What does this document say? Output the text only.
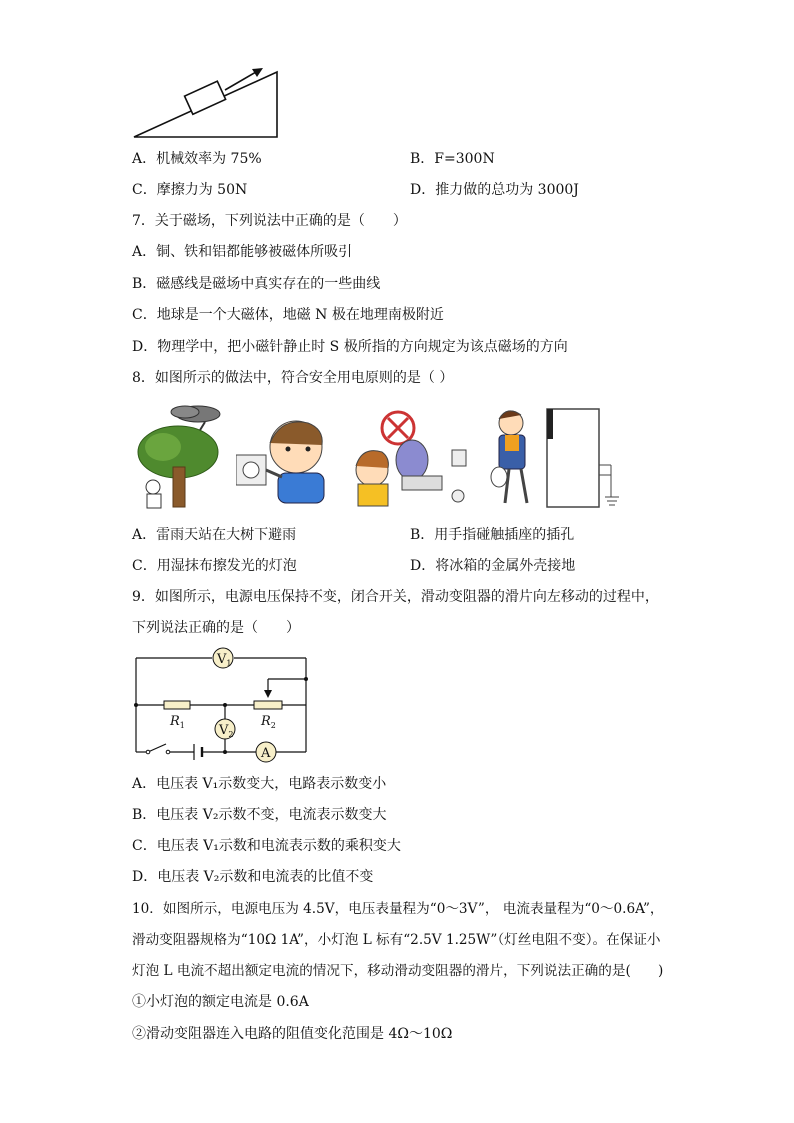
A．机械效率为 75%	B．F=300N
C．摩擦力为 50N	D．推力做的总功为 3000J
7．关于磁场，下列说法中正确的是（　　）
A．铜、铁和铝都能够被磁体所吸引
B．磁感线是磁场中真实存在的一些曲线
C．地球是一个大磁体，地磁 N 极在地理南极附近
D．物理学中，把小磁针静止时 S 极所指的方向规定为该点磁场的方向
8．如图所示的做法中，符合安全用电原则的是（ ）
A．雷雨天站在大树下避雨	B．用手指碰触插座的插孔
C．用湿抹布擦发光的灯泡	D．将冰箱的金属外壳接地
9．如图所示，电源电压保持不变，闭合开关，滑动变阻器的滑片向左移动的过程中，
下列说法正确的是（　　）
$V_1$
$V_2$
A
$R_1$	$R_2$
A．电压表 V₁示数变大，电路表示数变小
B．电压表 V₂示数不变，电流表示数变大
C．电压表 V₁示数和电流表示数的乘积变大
D．电压表 V₂示数和电流表的比值不变
10．如图所示，电源电压为 4.5V，电压表量程为“0～3V”， 电流表量程为“0～0.6A”，
滑动变阻器规格为“10Ω 1A”，小灯泡 L 标有“2.5V 1.25W”（灯丝电阻不变）。在保证小
灯泡 L 电流不超出额定电流的情况下，移动滑动变阻器的滑片，下列说法正确的是(　　)
①小灯泡的额定电流是 0.6A
②滑动变阻器连入电路的阻值变化范围是 4Ω～10Ω
